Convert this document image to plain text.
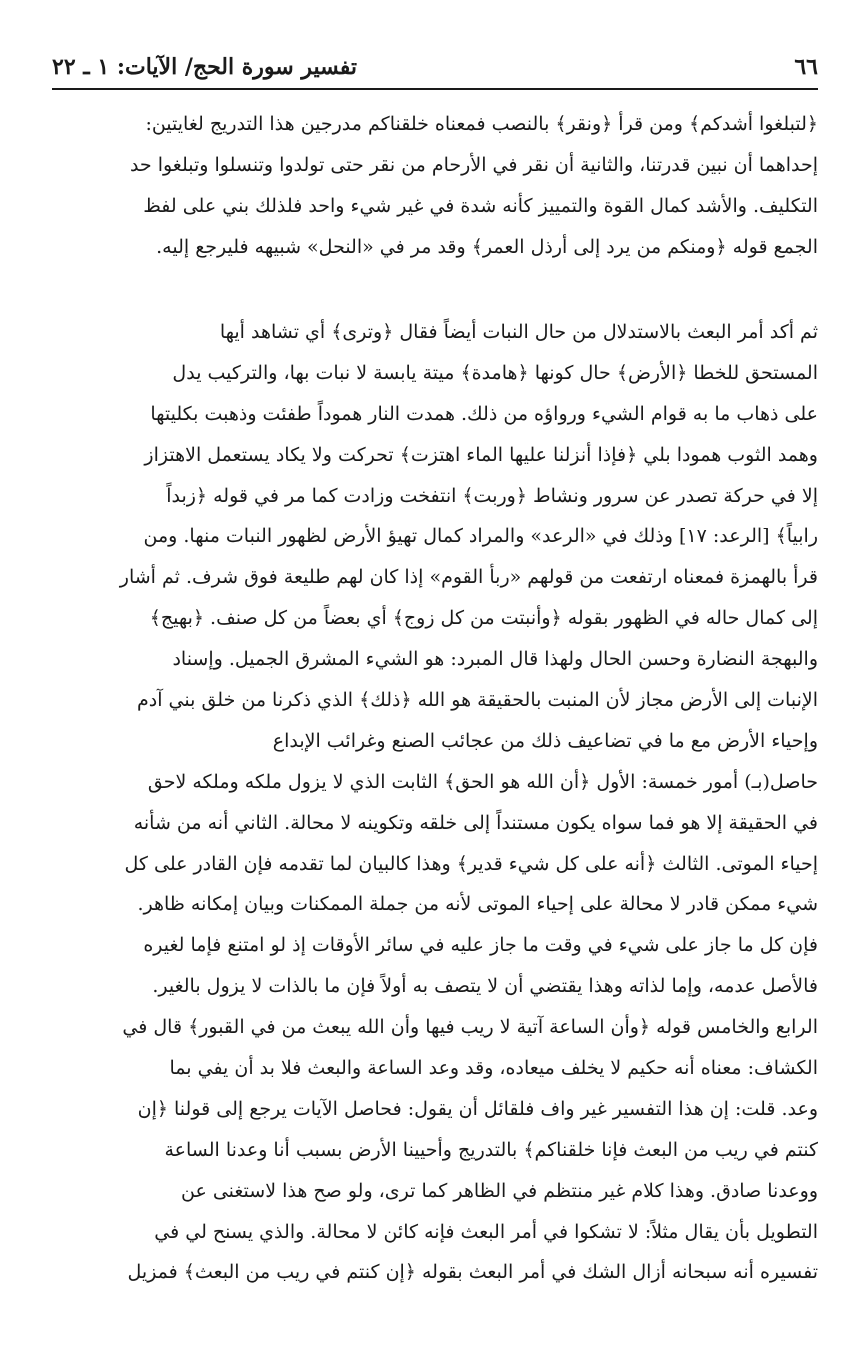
٦٦
تفسير سورة الحج/ الآيات: ١ ـ ٢٢
﴿لتبلغوا أشدكم﴾ ومن قرأ ﴿ونقر﴾ بالنصب فمعناه خلقناكم مدرجين هذا التدريج لغايتين:
إحداهما أن نبين قدرتنا، والثانية أن نقر في الأرحام من نقر حتى تولدوا وتنسلوا وتبلغوا حد
التكليف. والأشد كمال القوة والتمييز كأنه شدة في غير شيء واحد فلذلك بني على لفظ
الجمع قوله ﴿ومنكم من يرد إلى أرذل العمر﴾ وقد مر في «النحل» شبيهه فليرجع إليه.
ثم أكد أمر البعث بالاستدلال من حال النبات أيضاً فقال ﴿وترى﴾ أي تشاهد أيها
المستحق للخطا ﴿الأرض﴾ حال كونها ﴿هامدة﴾ ميتة يابسة لا نبات بها، والتركيب يدل
على ذهاب ما به قوام الشيء ورواؤه من ذلك. همدت النار هموداً طفئت وذهبت بكليتها
وهمد الثوب همودا بلي ﴿فإذا أنزلنا عليها الماء اهتزت﴾ تحركت ولا يكاد يستعمل الاهتزاز
إلا في حركة تصدر عن سرور ونشاط ﴿وربت﴾ انتفخت وزادت كما مر في قوله ﴿زبداً
رابياً﴾ [الرعد: ١٧] وذلك في «الرعد» والمراد كمال تهيؤ الأرض لظهور النبات منها. ومن
قرأ بالهمزة فمعناه ارتفعت من قولهم «ربأ القوم» إذا كان لهم طليعة فوق شرف. ثم أشار
إلى كمال حاله في الظهور بقوله ﴿وأنبتت من كل زوج﴾ أي بعضاً من كل صنف. ﴿بهيج﴾
والبهجة النضارة وحسن الحال ولهذا قال المبرد: هو الشيء المشرق الجميل. وإسناد
الإنبات إلى الأرض مجاز لأن المنبت بالحقيقة هو الله ﴿ذلك﴾ الذي ذكرنا من خلق بني آدم
وإحياء الأرض مع ما في تضاعيف ذلك من عجائب الصنع وغرائب الإبداع
حاصل(بـ) أمور خمسة: الأول ﴿أن الله هو الحق﴾ الثابت الذي لا يزول ملكه وملكه لاحق
في الحقيقة إلا هو فما سواه يكون مستنداً إلى خلقه وتكوينه لا محالة. الثاني أنه من شأنه
إحياء الموتى. الثالث ﴿أنه على كل شيء قدير﴾ وهذا كالبيان لما تقدمه فإن القادر على كل
شيء ممكن قادر لا محالة على إحياء الموتى لأنه من جملة الممكنات وبيان إمكانه ظاهر.
فإن كل ما جاز على شيء في وقت ما جاز عليه في سائر الأوقات إذ لو امتنع فإما لغيره
فالأصل عدمه، وإما لذاته وهذا يقتضي أن لا يتصف به أولاً فإن ما بالذات لا يزول بالغير.
الرابع والخامس قوله ﴿وأن الساعة آتية لا ريب فيها وأن الله يبعث من في القبور﴾ قال في
الكشاف: معناه أنه حكيم لا يخلف ميعاده، وقد وعد الساعة والبعث فلا بد أن يفي بما
وعد. قلت: إن هذا التفسير غير واف فلقائل أن يقول: فحاصل الآيات يرجع إلى قولنا ﴿إن
كنتم في ريب من البعث فإنا خلقناكم﴾ بالتدريج وأحيينا الأرض بسبب أنا وعدنا الساعة
ووعدنا صادق. وهذا كلام غير منتظم في الظاهر كما ترى، ولو صح هذا لاستغنى عن
التطويل بأن يقال مثلاً: لا تشكوا في أمر البعث فإنه كائن لا محالة. والذي يسنح لي في
تفسيره أنه سبحانه أزال الشك في أمر البعث بقوله ﴿إن كنتم في ريب من البعث﴾ فمزيل
